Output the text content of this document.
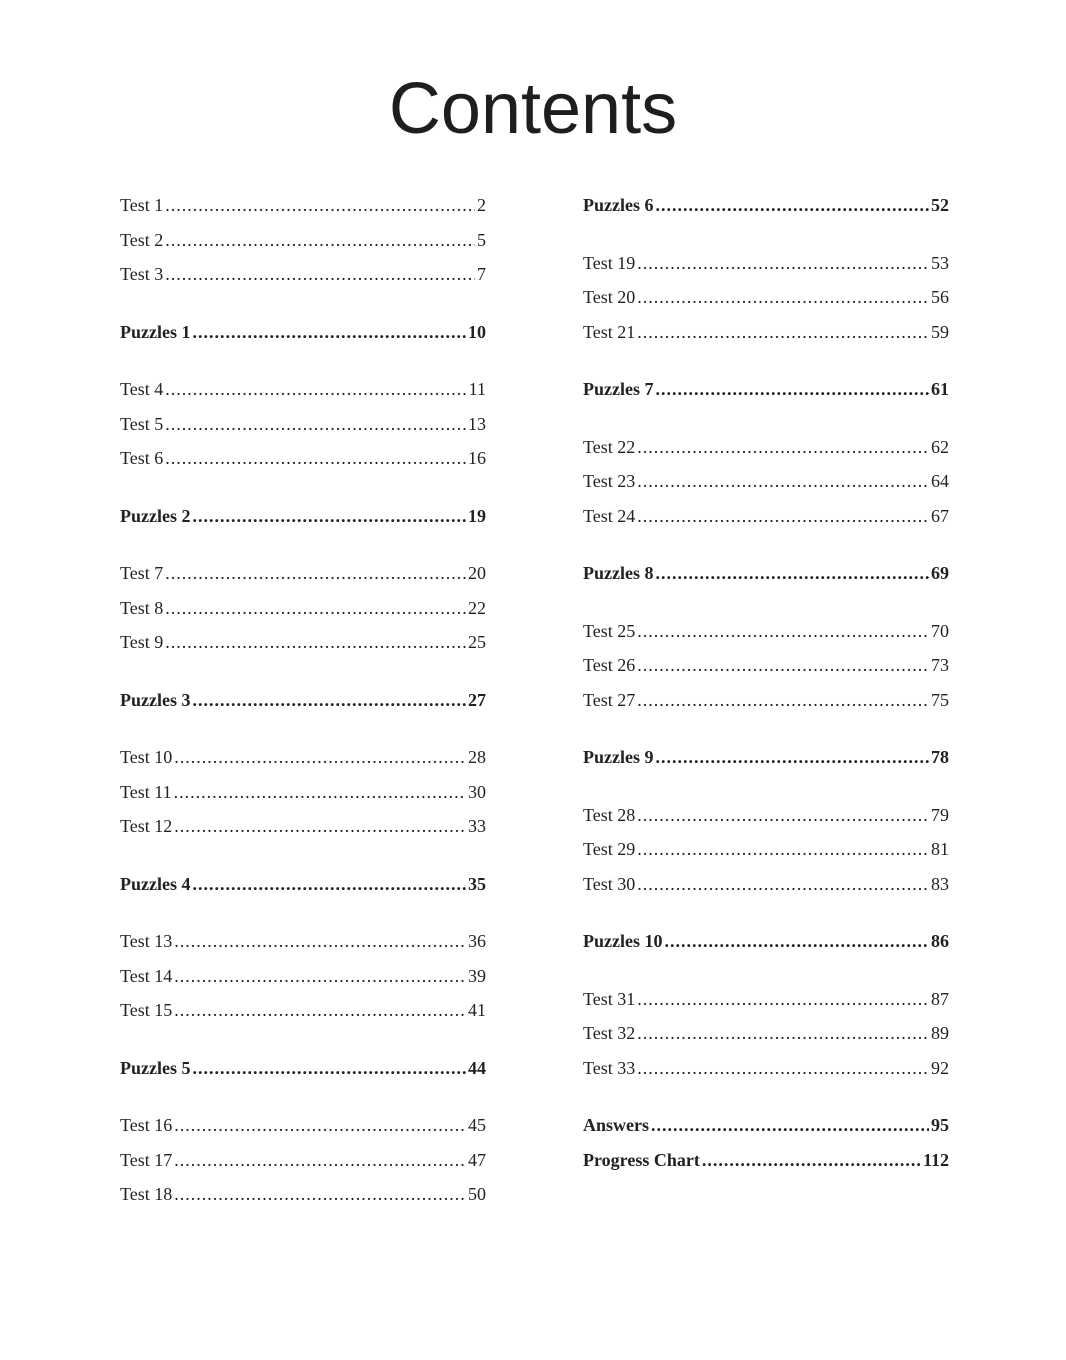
Contents
Test 1 .....	2
Test 2 .....	5
Test 3 .....	7
Puzzles 1 .....	10
Test 4 .....	11
Test 5 .....	13
Test 6 .....	16
Puzzles 2 .....	19
Test 7 .....	20
Test 8 .....	22
Test 9 .....	25
Puzzles 3 .....	27
Test 10 .....	28
Test 11 .....	30
Test 12 .....	33
Puzzles 4 .....	35
Test 13 .....	36
Test 14 .....	39
Test 15 .....	41
Puzzles 5 .....	44
Test 16 .....	45
Test 17 .....	47
Test 18 .....	50
Puzzles 6 .....	52
Test 19 .....	53
Test 20 .....	56
Test 21 .....	59
Puzzles 7 .....	61
Test 22 .....	62
Test 23 .....	64
Test 24 .....	67
Puzzles 8 .....	69
Test 25 .....	70
Test 26 .....	73
Test 27 .....	75
Puzzles 9 .....	78
Test 28 .....	79
Test 29 .....	81
Test 30 .....	83
Puzzles 10 .....	86
Test 31 .....	87
Test 32 .....	89
Test 33 .....	92
Answers .....	95
Progress Chart .....	112
